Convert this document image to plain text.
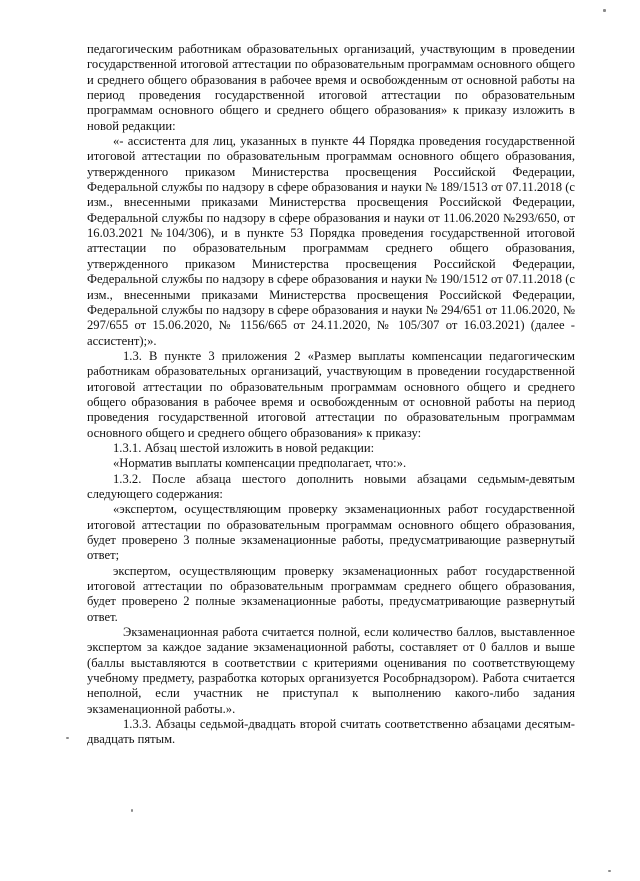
педагогическим работникам образовательных организаций, участвующим в проведении государственной итоговой аттестации по образовательным программам основного общего и среднего общего образования в рабочее время и освобожденным от основной работы на период проведения государственной итоговой аттестации по образовательным программам основного общего и среднего общего образования» к приказу изложить в новой редакции:

«- ассистента для лиц, указанных в пункте 44 Порядка проведения государственной итоговой аттестации по образовательным программам основного общего образования, утвержденного приказом Министерства просвещения Российской Федерации, Федеральной службы по надзору в сфере образования и науки № 189/1513 от 07.11.2018 (с изм., внесенными приказами Министерства просвещения Российской Федерации, Федеральной службы по надзору в сфере образования и науки от 11.06.2020 №293/650, от 16.03.2021 №104/306), и в пункте 53 Порядка проведения государственной итоговой аттестации по образовательным программам среднего общего образования, утвержденного приказом Министерства просвещения Российской Федерации, Федеральной службы по надзору в сфере образования и науки № 190/1512 от 07.11.2018 (с изм., внесенными приказами Министерства просвещения Российской Федерации, Федеральной службы по надзору в сфере образования и науки № 294/651 от 11.06.2020, № 297/655 от 15.06.2020, № 1156/665 от 24.11.2020, № 105/307 от 16.03.2021) (далее - ассистент);».

1.3. В пункте 3 приложения 2 «Размер выплаты компенсации педагогическим работникам образовательных организаций, участвующим в проведении государственной итоговой аттестации по образовательным программам основного общего и среднего общего образования в рабочее время и освобожденным от основной работы на период проведения государственной итоговой аттестации по образовательным программам основного общего и среднего общего образования» к приказу:

1.3.1. Абзац шестой изложить в новой редакции:

«Норматив выплаты компенсации предполагает, что:».

1.3.2. После абзаца шестого дополнить новыми абзацами седьмым-девятым следующего содержания:

«экспертом, осуществляющим проверку экзаменационных работ государственной итоговой аттестации по образовательным программам основного общего образования, будет проверено 3 полные экзаменационные работы, предусматривающие развернутый ответ;

экспертом, осуществляющим проверку экзаменационных работ государственной итоговой аттестации по образовательным программам среднего общего образования, будет проверено 2 полные экзаменационные работы, предусматривающие развернутый ответ.

Экзаменационная работа считается полной, если количество баллов, выставленное экспертом за каждое задание экзаменационной работы, составляет от 0 баллов и выше (баллы выставляются в соответствии с критериями оценивания по соответствующему учебному предмету, разработка которых организуется Рособрнадзором). Работа считается неполной, если участник не приступал к выполнению какого-либо задания экзаменационной работы.».

1.3.3. Абзацы седьмой-двадцать второй считать соответственно абзацами десятым-двадцать пятым.
